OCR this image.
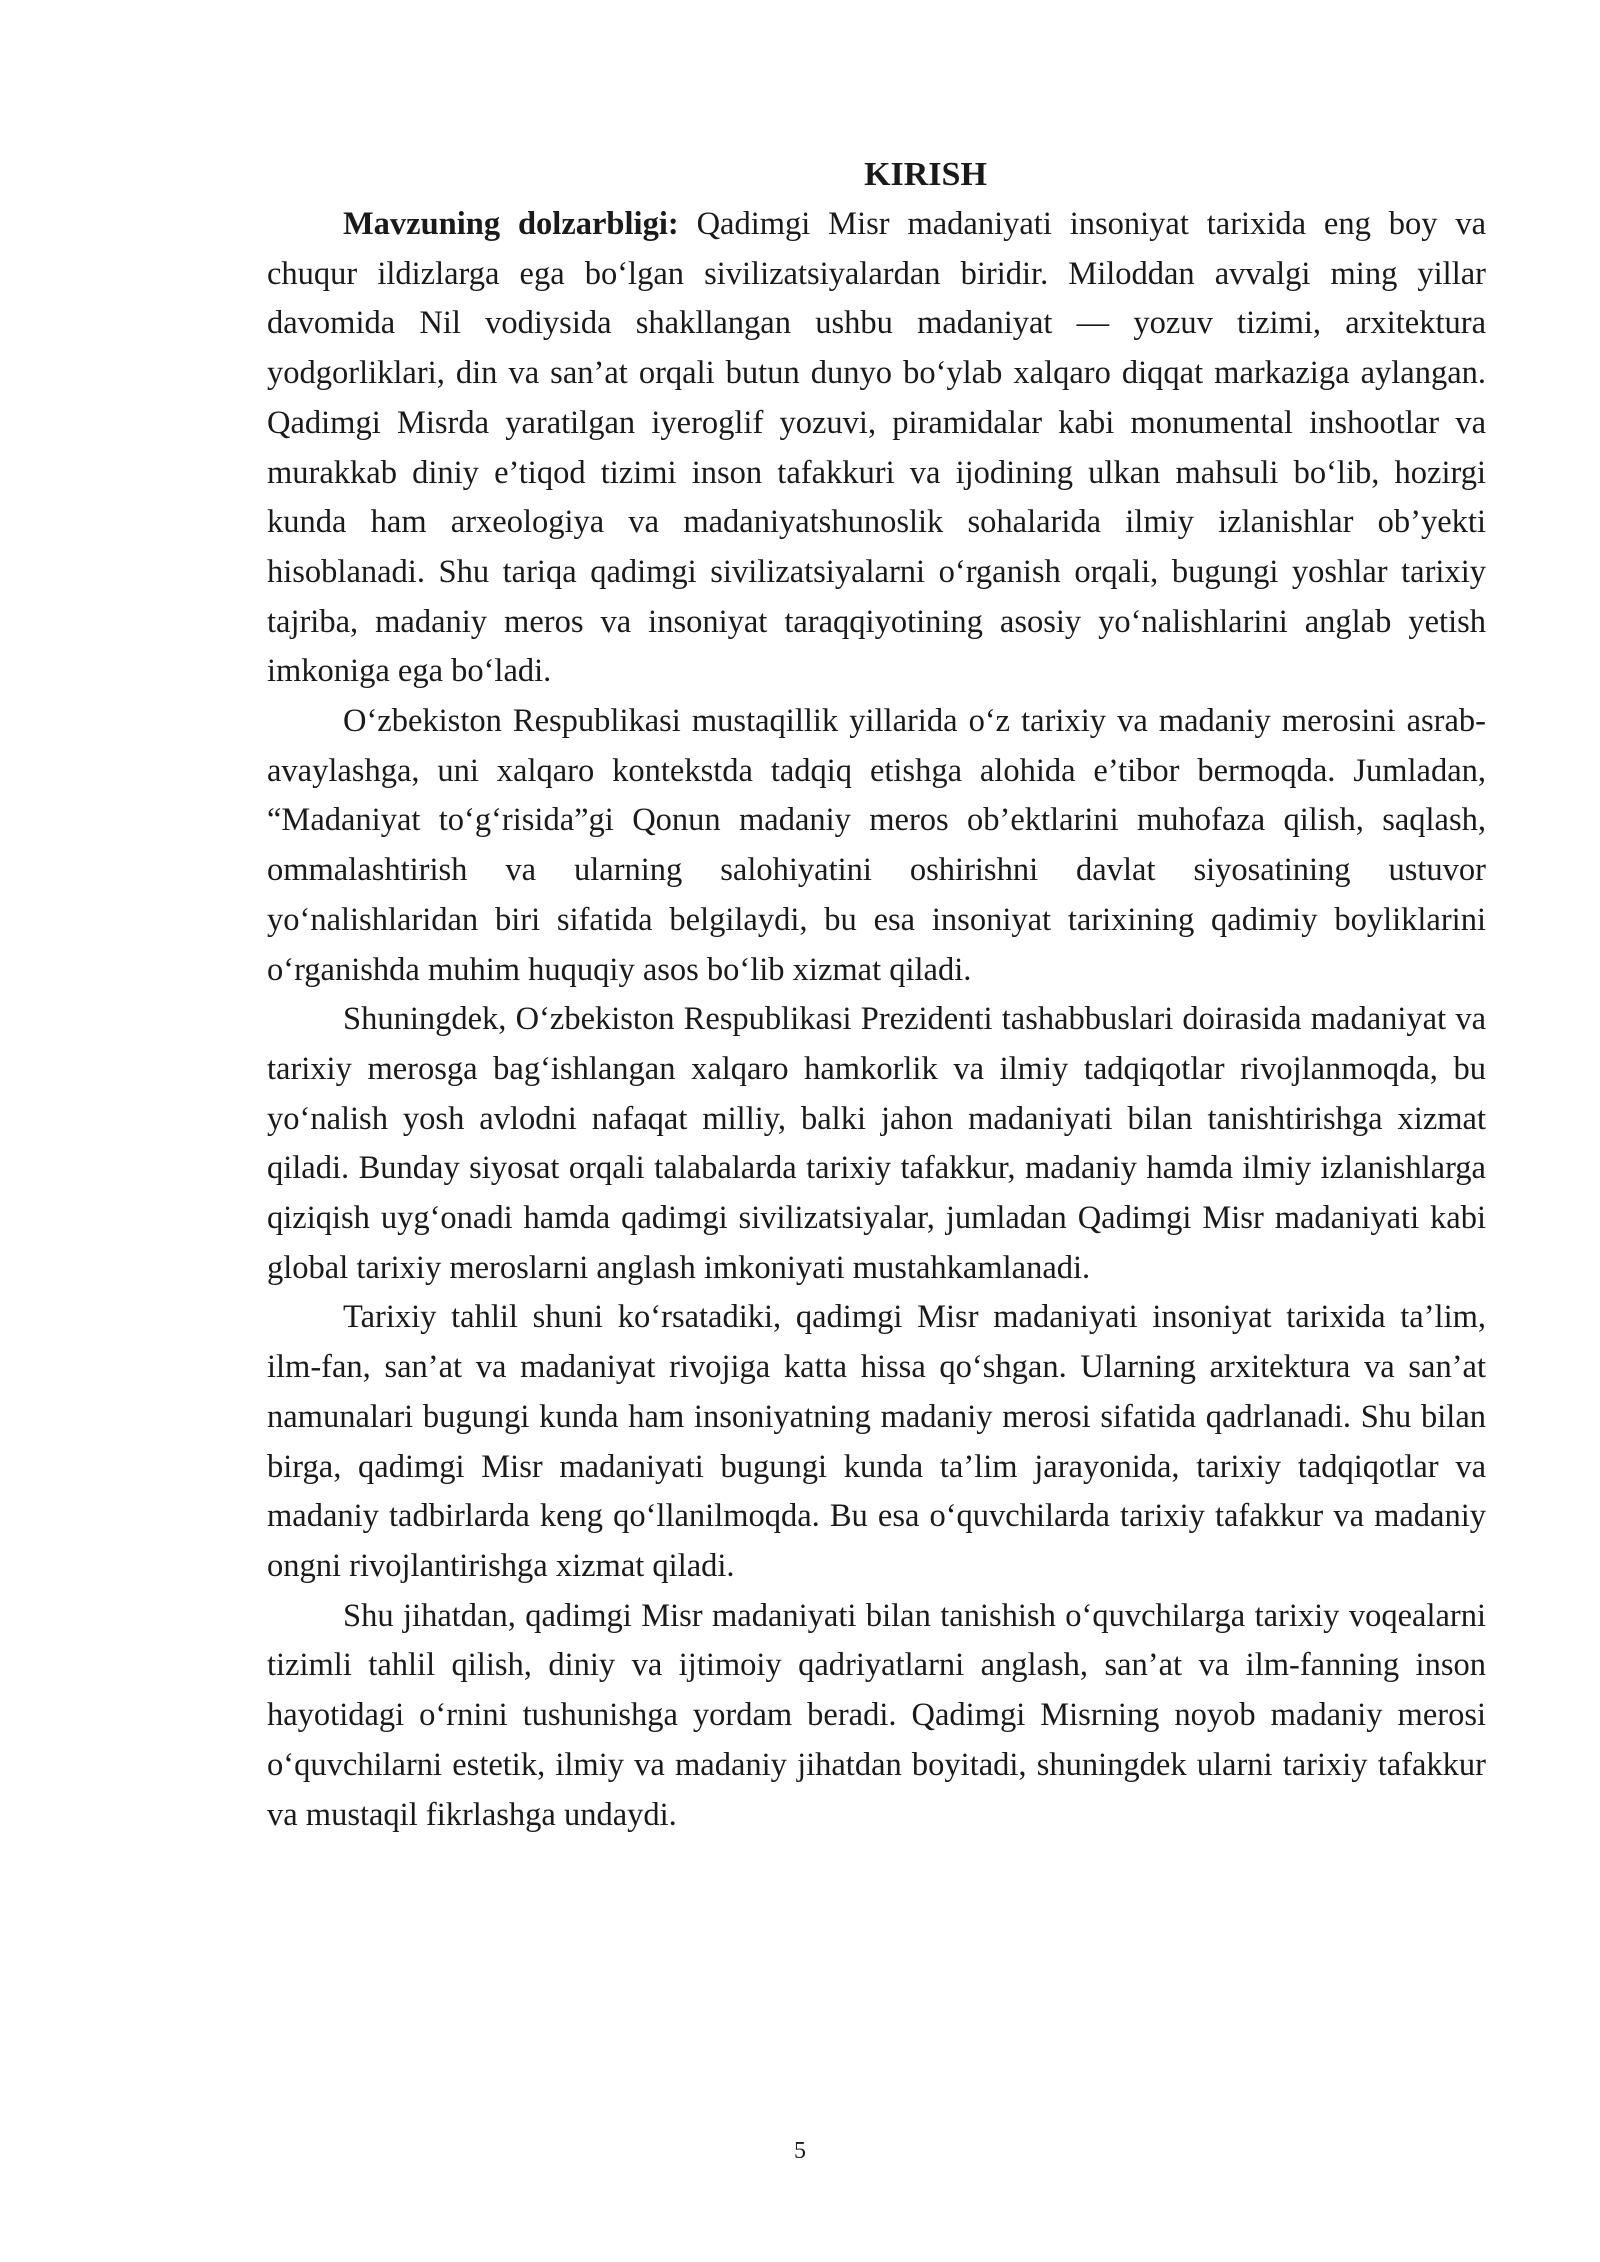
KIRISH

Mavzuning dolzarbligi: Qadimgi Misr madaniyati insoniyat tarixida eng boy va chuqur ildizlarga ega bo‘lgan sivilizatsiyalardan biridir. Miloddan avvalgi ming yillar davomida Nil vodiysida shakllangan ushbu madaniyat — yozuv tizimi, arxitektura yodgorliklari, din va san’at orqali butun dunyo bo‘ylab xalqaro diqqat markaziga aylangan. Qadimgi Misrda yaratilgan iyeroglif yozuvi, piramidalar kabi monumental inshootlar va murakkab diniy e’tiqod tizimi inson tafakkuri va ijodining ulkan mahsuli bo‘lib, hozirgi kunda ham arxeologiya va madaniyatshunoslik sohalarida ilmiy izlanishlar ob’yekti hisoblanadi. Shu tariqa qadimgi sivilizatsiyalarni o‘rganish orqali, bugungi yoshlar tarixiy tajriba, madaniy meros va insoniyat taraqqiyotining asosiy yo‘nalishlarini anglab yetish imkoniga ega bo‘ladi.

O‘zbekiston Respublikasi mustaqillik yillarida o‘z tarixiy va madaniy merosini asrab-avaylashga, uni xalqaro kontekstda tadqiq etishga alohida e’tibor bermoqda. Jumladan, “Madaniyat to‘g‘risida”gi Qonun madaniy meros ob’ektlarini muhofaza qilish, saqlash, ommalashtirish va ularning salohiyatini oshirishni davlat siyosatining ustuvor yo‘nalishlaridan biri sifatida belgilaydi, bu esa insoniyat tarixining qadimiy boyliklarini o‘rganishda muhim huquqiy asos bo‘lib xizmat qiladi.

Shuningdek, O‘zbekiston Respublikasi Prezidenti tashabbuslari doirasida madaniyat va tarixiy merosga bag‘ishlangan xalqaro hamkorlik va ilmiy tadqiqotlar rivojlanmoqda, bu yo‘nalish yosh avlodni nafaqat milliy, balki jahon madaniyati bilan tanishtirishga xizmat qiladi. Bunday siyosat orqali talabalarda tarixiy tafakkur, madaniy hamda ilmiy izlanishlarga qiziqish uyg‘onadi hamda qadimgi sivilizatsiyalar, jumladan Qadimgi Misr madaniyati kabi global tarixiy meroslarni anglash imkoniyati mustahkamlanadi.

Tarixiy tahlil shuni ko‘rsatadiki, qadimgi Misr madaniyati insoniyat tarixida ta’lim, ilm-fan, san’at va madaniyat rivojiga katta hissa qo‘shgan. Ularning arxitektura va san’at namunalari bugungi kunda ham insoniyatning madaniy merosi sifatida qadrlanadi. Shu bilan birga, qadimgi Misr madaniyati bugungi kunda ta’lim jarayonida, tarixiy tadqiqotlar va madaniy tadbirlarda keng qo‘llanilmoqda. Bu esa o‘quvchilarda tarixiy tafakkur va madaniy ongni rivojlantirishga xizmat qiladi.

Shu jihatdan, qadimgi Misr madaniyati bilan tanishish o‘quvchilarga tarixiy voqealarni tizimli tahlil qilish, diniy va ijtimoiy qadriyatlarni anglash, san’at va ilm-fanning inson hayotidagi o‘rnini tushunishga yordam beradi. Qadimgi Misrning noyob madaniy merosi o‘quvchilarni estetik, ilmiy va madaniy jihatdan boyitadi, shuningdek ularni tarixiy tafakkur va mustaqil fikrlashga undaydi.

5
